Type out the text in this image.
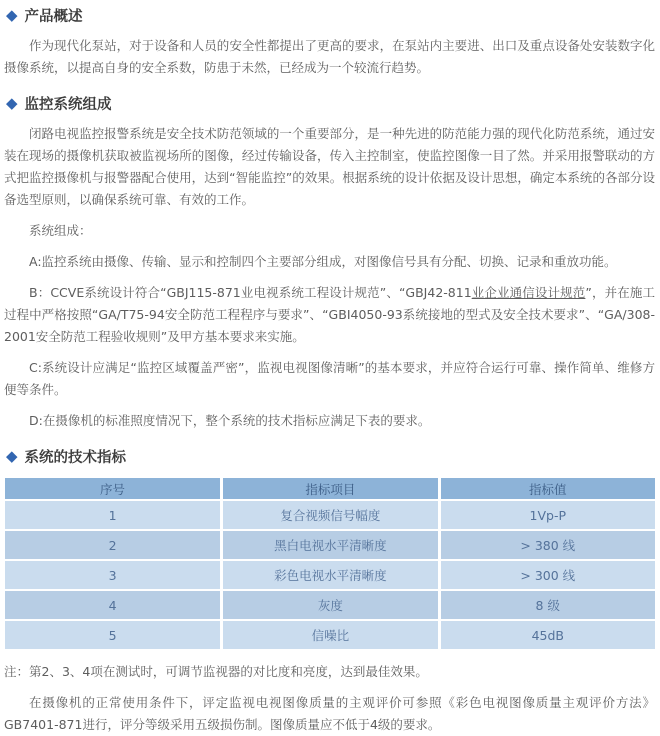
◆ 产品概述

作为现代化泵站，对于设备和人员的安全性都提出了更高的要求，在泵站内主要进、出口及重点设备处安装数字化摄像系统，以提高自身的安全系数，防患于未然，已经成为一个较流行趋势。

◆ 监控系统组成

闭路电视监控报警系统是安全技术防范领域的一个重要部分，是一种先进的防范能力强的现代化防范系统，通过安装在现场的摄像机获取被监视场所的图像，经过传输设备，传入主控制室，使监控图像一目了然。并采用报警联动的方式把监控摄像机与报警器配合使用，达到“智能监控”的效果。根据系统的设计依据及设计思想，确定本系统的各部分设备选型原则，以确保系统可靠、有效的工作。

系统组成：

A:监控系统由摄像、传输、显示和控制四个主要部分组成，对图像信号具有分配、切换、记录和重放功能。

B：CCVE系统设计符合“GBJ115-871业电视系统工程设计规范”、“GBJ42-811业企业通信设计规范”，并在施工过程中严格按照“GA/T75-94安全防范工程程序与要求”、“GBI4050-93系统接地的型式及安全技术要求”、“GA/308-2001安全防范工程验收规则”及甲方基本要求来实施。

C:系统设计应满足“监控区域覆盖严密”，监视电视图像清晰”的基本要求，并应符合运行可靠、操作简单、维修方便等条件。

D:在摄像机的标准照度情况下，整个系统的技术指标应满足下表的要求。

◆ 系统的技术指标
序号	指标项目	指标值
1	复合视频信号幅度	1Vp-P
2	黑白电视水平清晰度	> 380 线
3	彩色电视水平清晰度	> 300 线
4	灰度	8 级
5	信噪比	45dB

注：第2、3、4项在测试时，可调节监视器的对比度和亮度，达到最佳效果。

在摄像机的正常使用条件下，评定监视电视图像质量的主观评价可参照《彩色电视图像质量主观评价方法》GB7401-871进行，评分等级采用五级损伤制。图像质量应不低于4级的要求。
